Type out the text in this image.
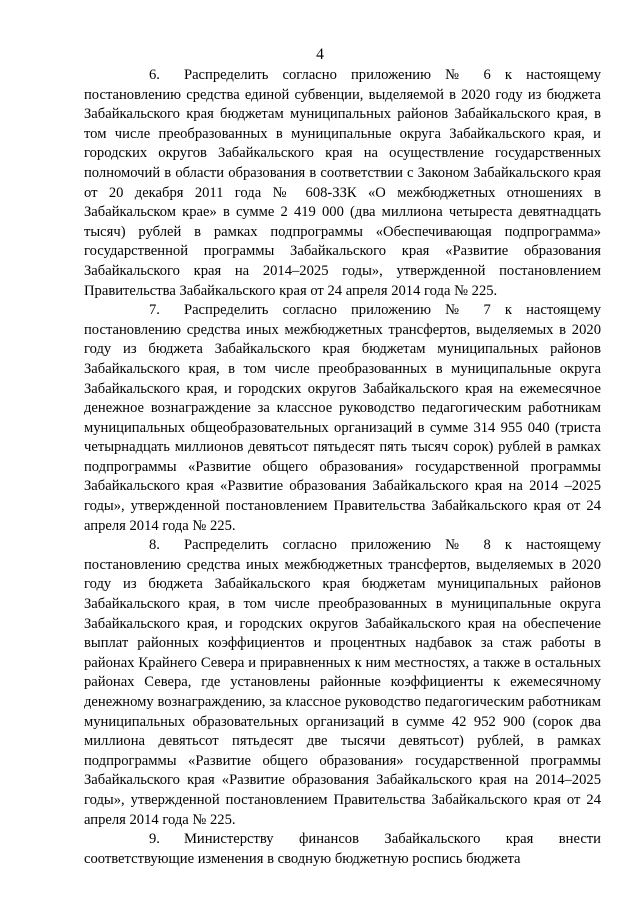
4

6. Распределить согласно приложению № 6 к настоящему постановлению средства единой субвенции, выделяемой в 2020 году из бюджета Забайкальского края бюджетам муниципальных районов Забайкальского края, в том числе преобразованных в муниципальные округа Забайкальского края, и городских округов Забайкальского края на осуществление государственных полномочий в области образования в соответствии с Законом Забайкальского края от 20 декабря 2011 года № 608-ЗЗК «О межбюджетных отношениях в Забайкальском крае» в сумме 2 419 000 (два миллиона четыреста девятнадцать тысяч) рублей в рамках подпрограммы «Обеспечивающая подпрограмма» государственной программы Забайкальского края «Развитие образования Забайкальского края на 2014–2025 годы», утвержденной постановлением Правительства Забайкальского края от 24 апреля 2014 года № 225.

7. Распределить согласно приложению № 7 к настоящему постановлению средства иных межбюджетных трансфертов, выделяемых в 2020 году из бюджета Забайкальского края бюджетам муниципальных районов Забайкальского края, в том числе преобразованных в муниципальные округа Забайкальского края, и городских округов Забайкальского края на ежемесячное денежное вознаграждение за классное руководство педагогическим работникам муниципальных общеобразовательных организаций в сумме 314 955 040 (триста четырнадцать миллионов девятьсот пятьдесят пять тысяч сорок) рублей в рамках подпрограммы «Развитие общего образования» государственной программы Забайкальского края «Развитие образования Забайкальского края на 2014 –2025 годы», утвержденной постановлением Правительства Забайкальского края от 24 апреля 2014 года № 225.

8. Распределить согласно приложению № 8 к настоящему постановлению средства иных межбюджетных трансфертов, выделяемых в 2020 году из бюджета Забайкальского края бюджетам муниципальных районов Забайкальского края, в том числе преобразованных в муниципальные округа Забайкальского края, и городских округов Забайкальского края на обеспечение выплат районных коэффициентов и процентных надбавок за стаж работы в районах Крайнего Севера и приравненных к ним местностях, а также в остальных районах Севера, где установлены районные коэффициенты к ежемесячному денежному вознаграждению, за классное руководство педагогическим работникам муниципальных образовательных организаций в сумме 42 952 900 (сорок два миллиона девятьсот пятьдесят две тысячи девятьсот) рублей, в рамках подпрограммы «Развитие общего образования» государственной программы Забайкальского края «Развитие образования Забайкальского края на 2014–2025 годы», утвержденной постановлением Правительства Забайкальского края от 24 апреля 2014 года № 225.

9. Министерству финансов Забайкальского края внести соответствующие изменения в сводную бюджетную роспись бюджета
